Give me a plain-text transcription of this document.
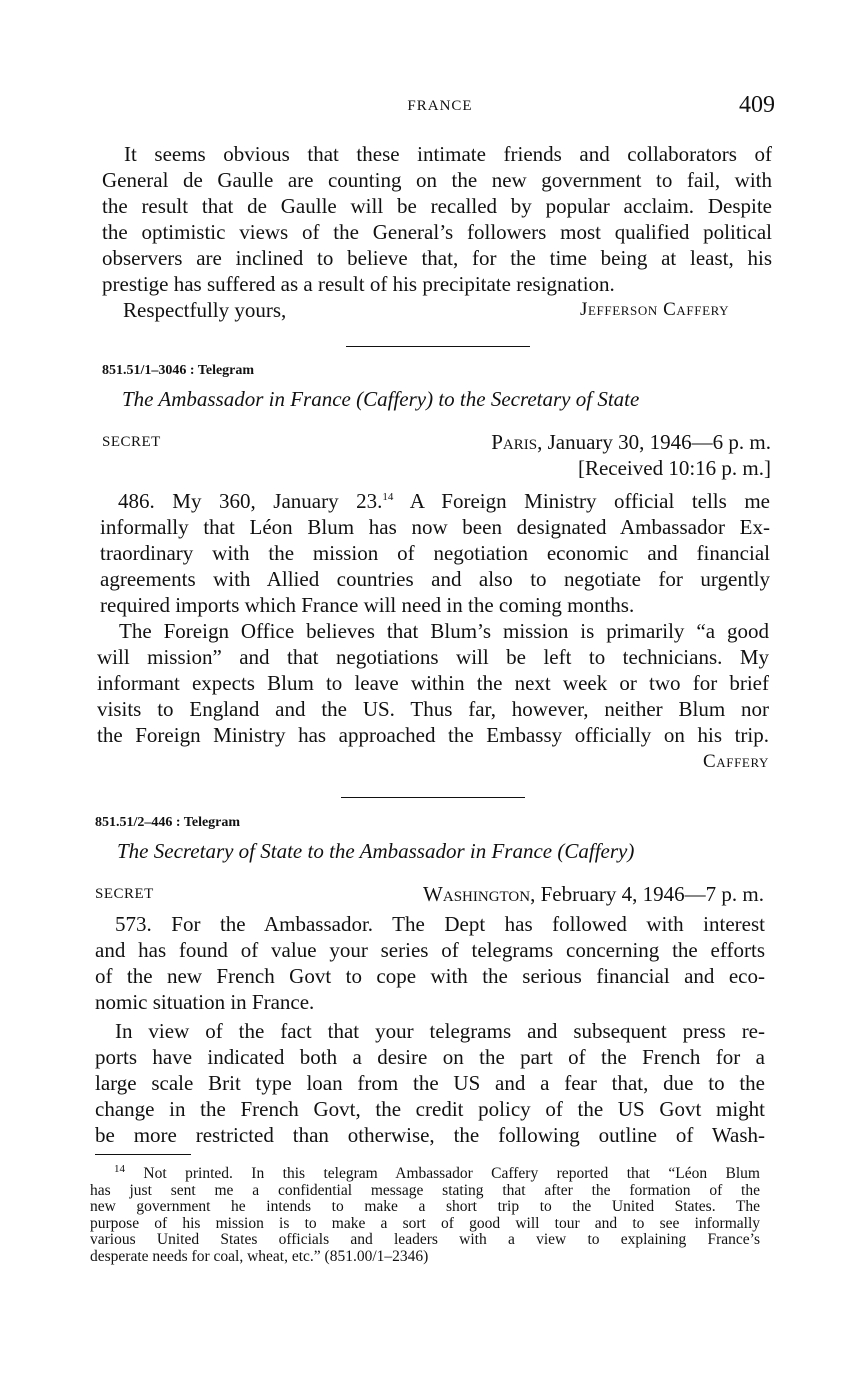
FRANCE	409
It seems obvious that these intimate friends and collaborators of
General de Gaulle are counting on the new government to fail, with
the result that de Gaulle will be recalled by popular acclaim. Despite
the optimistic views of the General’s followers most qualified political
observers are inclined to believe that, for the time being at least, his
prestige has suffered as a result of his precipitate resignation.
Respectfully yours,	Jefferson Caffery
851.51/1–3046 : Telegram
The Ambassador in France (Caffery) to the Secretary of State
SECRET	Paris, January 30, 1946—6 p. m.
[Received 10:16 p. m.]
486. My 360, January 23.14 A Foreign Ministry official tells me
informally that Léon Blum has now been designated Ambassador Ex-
traordinary with the mission of negotiation economic and financial
agreements with Allied countries and also to negotiate for urgently
required imports which France will need in the coming months.
The Foreign Office believes that Blum’s mission is primarily “a good
will mission” and that negotiations will be left to technicians. My
informant expects Blum to leave within the next week or two for brief
visits to England and the US. Thus far, however, neither Blum nor
the Foreign Ministry has approached the Embassy officially on his trip.
Caffery
851.51/2–446 : Telegram
The Secretary of State to the Ambassador in France (Caffery)
SECRET	Washington, February 4, 1946—7 p. m.
573. For the Ambassador. The Dept has followed with interest
and has found of value your series of telegrams concerning the efforts
of the new French Govt to cope with the serious financial and eco-
nomic situation in France.
In view of the fact that your telegrams and subsequent press re-
ports have indicated both a desire on the part of the French for a
large scale Brit type loan from the US and a fear that, due to the
change in the French Govt, the credit policy of the US Govt might
be more restricted than otherwise, the following outline of Wash-
$^{14}$ Not printed. In this telegram Ambassador Caffery reported that “Léon Blum
has just sent me a confidential message stating that after the formation of the
new government he intends to make a short trip to the United States. The
purpose of his mission is to make a sort of good will tour and to see informally
various United States officials and leaders with a view to explaining France’s
desperate needs for coal, wheat, etc.” (851.00/1–2346)
